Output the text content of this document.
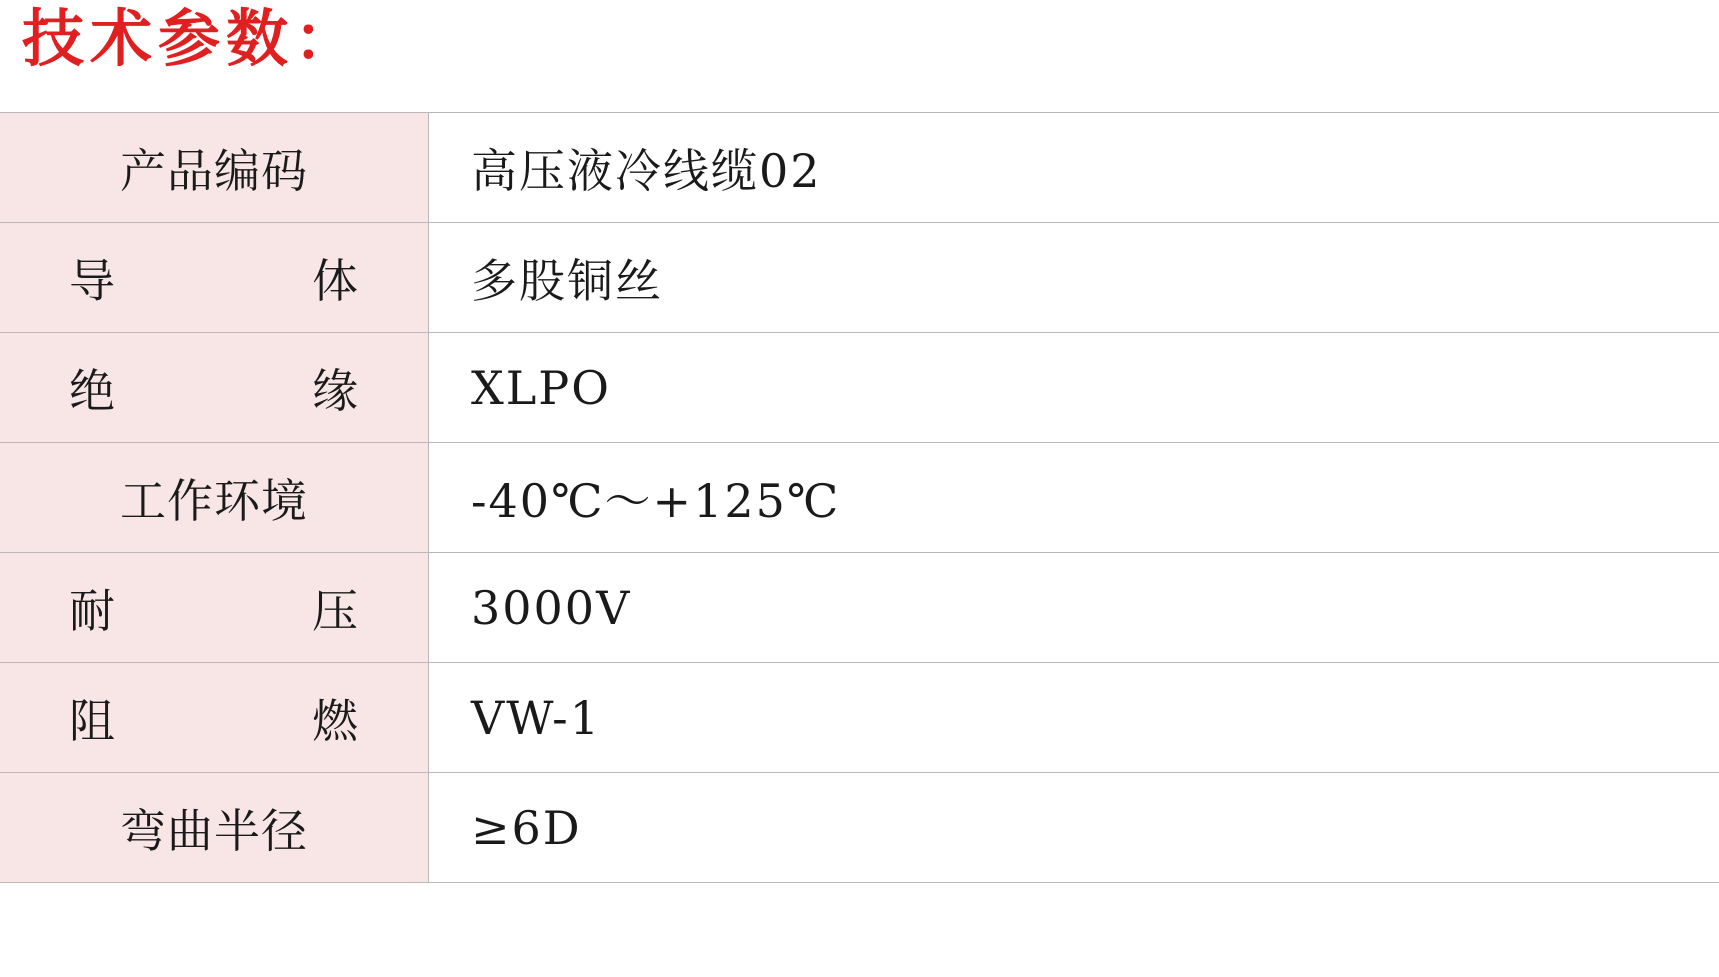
技术参数：
产品编码	高压液冷线缆02
导体	多股铜丝
绝缘	XLPO
工作环境	-40℃～+125℃
耐压	3000V
阻燃	VW-1
弯曲半径	≥6D
